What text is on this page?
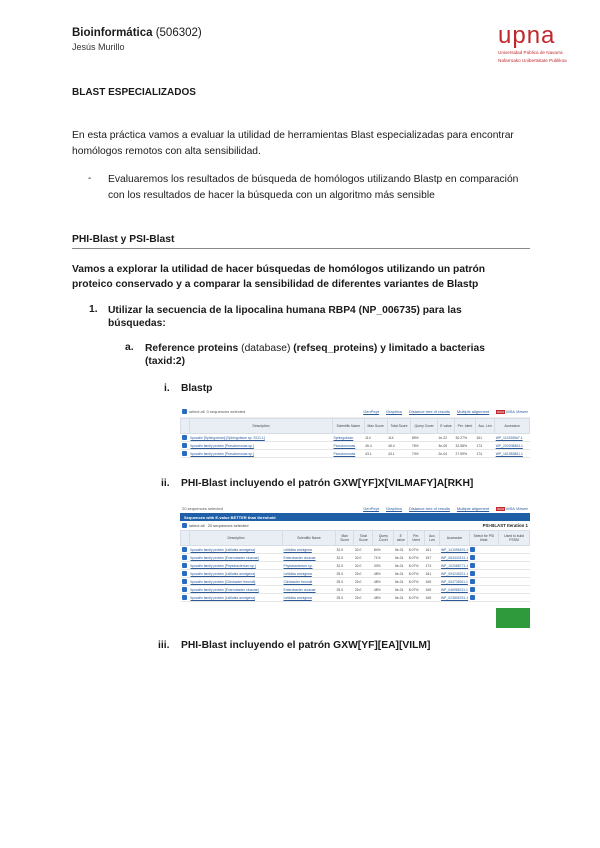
Bioinformática (506302)
Jesús Murillo	upna
Universidad Pública de Navarra
Nafarroako Unibertsitate Publikoa
BLAST ESPECIALIZADOS
En esta práctica vamos a evaluar la utilidad de herramientas Blast especializadas para encontrar homólogos remotos con alta sensibilidad.
- Evaluaremos los resultados de búsqueda de homólogos utilizando Blastp en comparación con los resultados de hacer la búsqueda con un algoritmo más sensible
PHI-Blast y PSI-Blast
Vamos a explorar la utilidad de hacer búsquedas de homólogos utilizando un patrón proteico conservado y a comparar la sensibilidad de diferentes variantes de Blastp
1. Utilizar la secuencia de la lipocalina humana RBP4 (NP_006735) para las búsquedas:
a. Reference proteins (database) (refseq_proteins) y limitado a bacterias (taxid:2)
i. Blastp
select all 0 sequences selected	GenPept Graphics Distance tree of results Multiple alignment	NEW MSA Viewer
	Description	Scientific Name	Max Score	Total Score	Query Cover	E value	Per. Ident	Acc. Len	Accession
	lipocalin [Sphingobium] [Sphingobium sp. SCG-1]	Sphingobium	114	114	89%	1e-22	30.27%	161	WP_112525567.1
	lipocalin family protein [Pseudomonas sp.]	Pseudomonas	45.4	45.4	75%	3e-05	32.58%	173	WP_200008863.1
	lipocalin family protein [Pseudomonas sp.]	Pseudomonas	43.1	43.1	74%	2e-04	27.59%	174	WP_161983861.1
ii. PHI-Blast incluyendo el patrón GXW[YF]X[VILMAFY]A[RKH]
20 sequences selected	GenPept Graphics Distance tree of results Multiple alignment	NEW MSA Viewer
Sequences with E-value BETTER than threshold
select all 20 sequences selected	PSI-BLAST Iteration 1
	Description	Scientific Name	Max Score	Total Score	Query Cover	E value	Per. Ident	Acc. Len	Accession	Select for PSI blast	Used to build PSSM
	lipocalin family protein [Lelliottia amnigena]	Lelliottia amnigena	32.0	32.0	84%	5e-01	8.07%	161	WP_141096191.1		
	lipocalin family protein [Enterobacter cloacae]	Enterobacter cloacae	32.0	32.0	71%	5e-01	8.07%	157	WP_063443131.1		
	lipocalin family protein [Phytobacterium sp.]	Phytobacterium sp.	32.0	32.0	33%	5e-01	8.07%	173	WP_102088771.1		
	lipocalin family protein [Lelliottia amnigena]	Lelliottia amnigena	25.0	25.0	48%	5e-01	8.07%	161	WP_094249221.1		
	lipocalin family protein [Citrobacter freundii]	Citrobacter freundii	25.0	25.0	48%	5e-01	8.07%	165	WP_063735911.1		
	lipocalin family protein [Enterobacter cloacae]	Enterobacter cloacae	25.0	25.0	48%	5e-01	8.07%	165	WP_046986211.1		
	lipocalin family protein [Lelliottia amnigena]	Lelliottia amnigena	25.0	25.0	48%	5e-01	8.07%	165	WP_023806761.1		
iii. PHI-Blast incluyendo el patrón GXW[YF][EA][VILM]
